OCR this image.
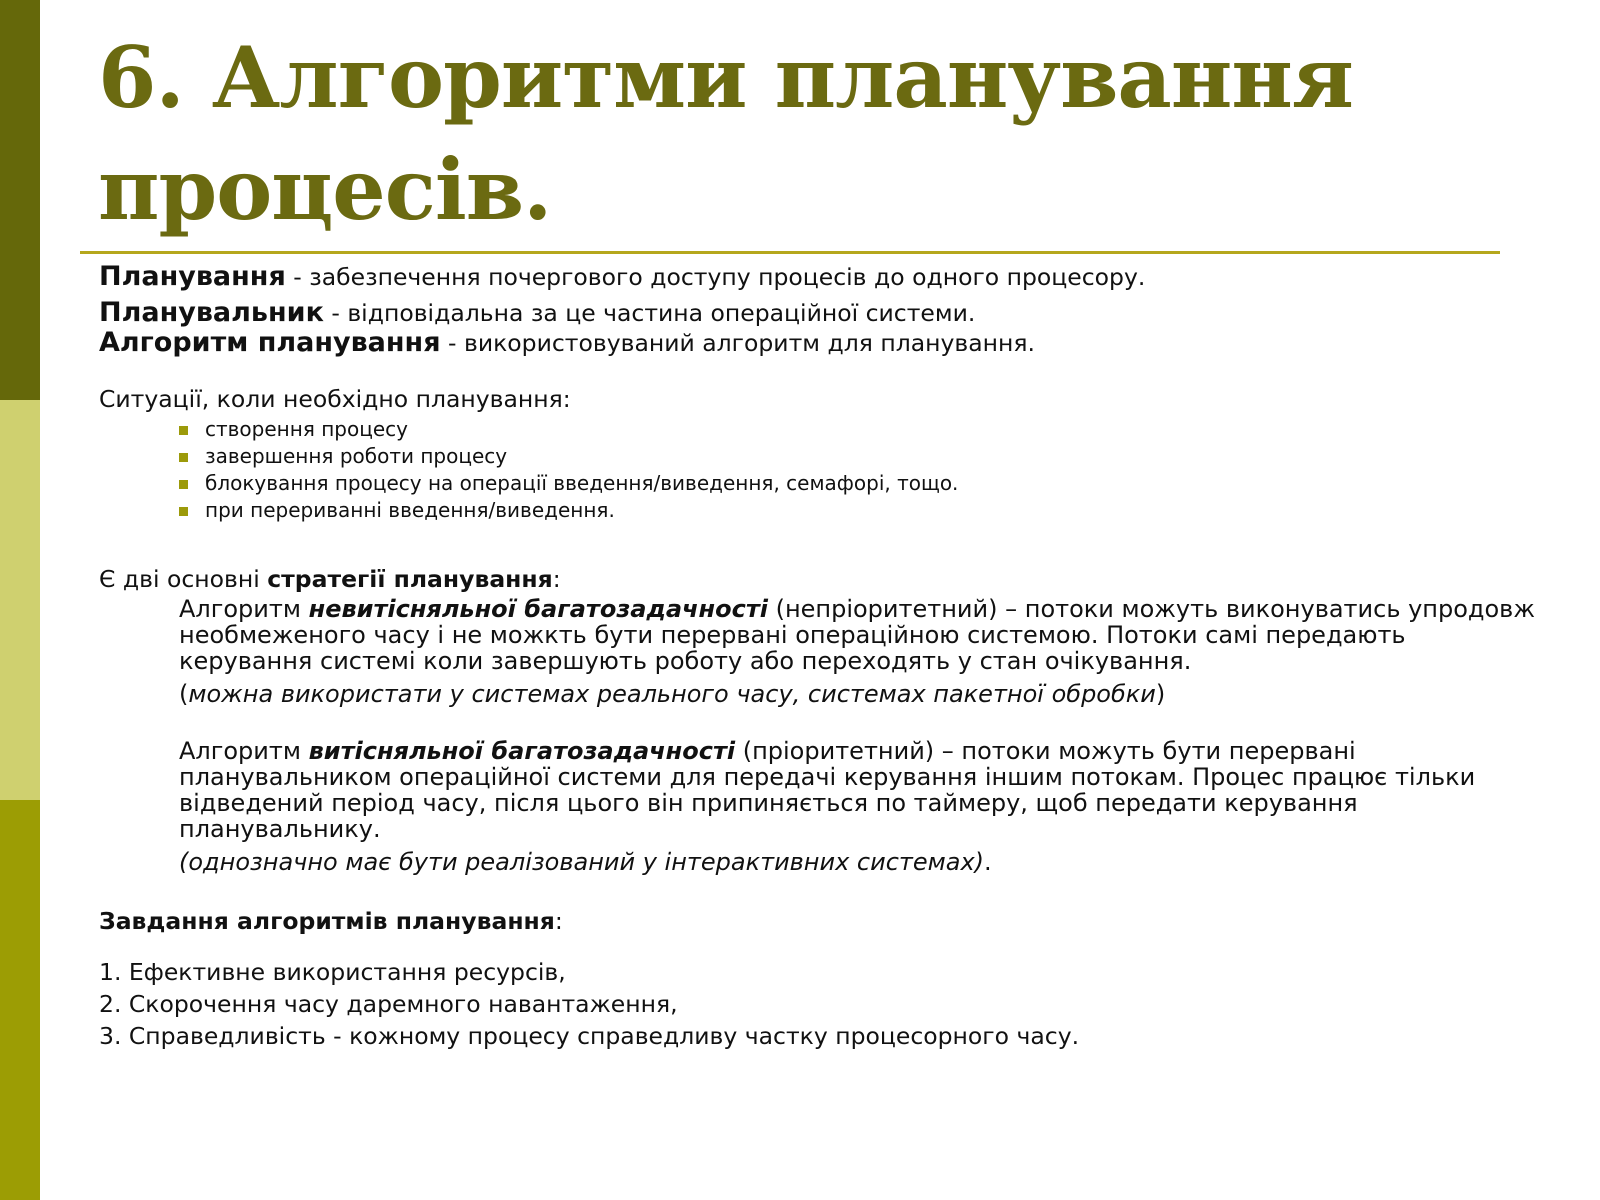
6. Алгоритми планування процесів.

Планування - забезпечення почергового доступу процесів до одного процесору.

Планувальник - відповідальна за це частина операційної системи.

Алгоритм планування - використовуваний алгоритм для планування.

Ситуації, коли необхідно планування:

створення процесу
завершення роботи процесу
блокування процесу на операції введення/виведення, семафорі, тощо.
при перериванні введення/виведення.

Є дві основні стратегії планування:

Алгоритм невитісняльної багатозадачності (непріоритетний) – потоки можуть виконуватись упродовж необмеженого часу і не можкть бути перервані операційною системою. Потоки самі передають керування системі коли завершують роботу або переходять у стан очікування.

(можна використати у системах реального часу, системах пакетної обробки)

Алгоритм витісняльної багатозадачності (пріоритетний) – потоки можуть бути перервані планувальником операційної системи для передачі керування іншим потокам. Процес працює тільки відведений період часу, після цього він припиняється по таймеру, щоб передати керування планувальнику.

(однозначно має бути реалізований у інтерактивних системах).

Завдання алгоритмів планування:

1. Ефективне використання ресурсів,
2. Скорочення часу даремного навантаження,
3. Справедливість - кожному процесу справедливу частку процесорного часу.
